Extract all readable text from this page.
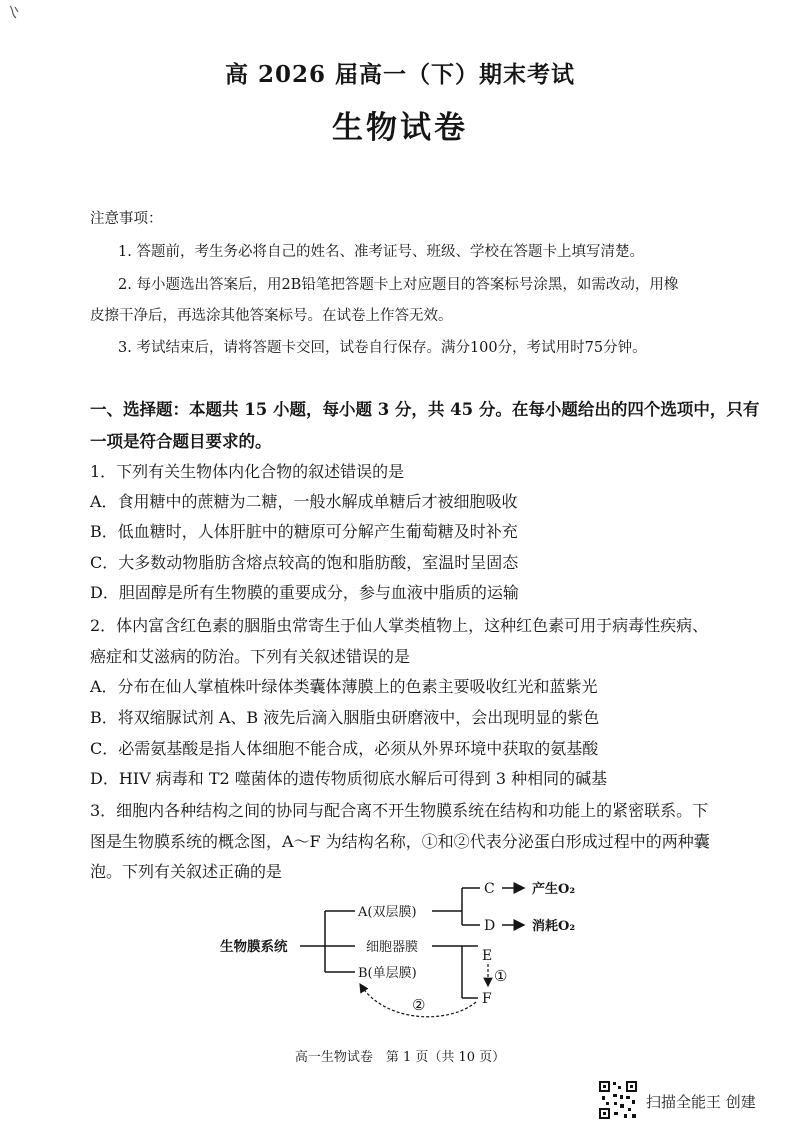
高 2026 届高一（下）期末考试
生物试卷
注意事项：
1. 答题前，考生务必将自己的姓名、准考证号、班级、学校在答题卡上填写清楚。
2. 每小题选出答案后，用2B铅笔把答题卡上对应题目的答案标号涂黑，如需改动，用橡
皮擦干净后，再选涂其他答案标号。在试卷上作答无效。
3. 考试结束后，请将答题卡交回，试卷自行保存。满分100分，考试用时75分钟。
一、选择题：本题共 15 小题，每小题 3 分，共 45 分。在每小题给出的四个选项中，只有
一项是符合题目要求的。
1．下列有关生物体内化合物的叙述错误的是
A．食用糖中的蔗糖为二糖，一般水解成单糖后才被细胞吸收
B．低血糖时，人体肝脏中的糖原可分解产生葡萄糖及时补充
C．大多数动物脂肪含熔点较高的饱和脂肪酸，室温时呈固态
D．胆固醇是所有生物膜的重要成分，参与血液中脂质的运输
2．体内富含红色素的胭脂虫常寄生于仙人掌类植物上，这种红色素可用于病毒性疾病、
癌症和艾滋病的防治。下列有关叙述错误的是
A．分布在仙人掌植株叶绿体类囊体薄膜上的色素主要吸收红光和蓝紫光
B．将双缩脲试剂 A、B 液先后滴入胭脂虫研磨液中，会出现明显的紫色
C．必需氨基酸是指人体细胞不能合成，必须从外界环境中获取的氨基酸
D．HIV 病毒和 T2 噬菌体的遗传物质彻底水解后可得到 3 种相同的碱基
3．细胞内各种结构之间的协同与配合离不开生物膜系统在结构和功能上的紧密联系。下
图是生物膜系统的概念图，A～F 为结构名称，①和②代表分泌蛋白形成过程中的两种囊
泡。下列有关叙述正确的是
生物膜系统
A(双层膜)
细胞器膜
B(单层膜)
C
D
产生O₂
消耗O₂
E
①
F
②
高一生物试卷　第 1 页（共 10 页）
扫描全能王 创建
